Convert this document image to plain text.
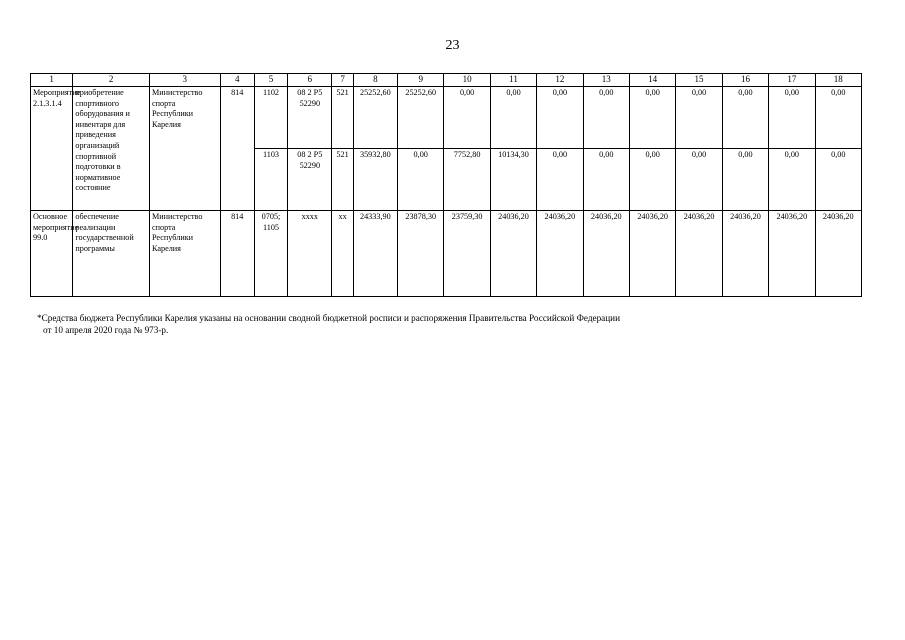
23
1	2	3	4	5	6	7	8	9	10	11	12	13	14	15	16	17	18
Мероприятие 2.1.3.1.4	приобретение спортивного оборудования и инвентаря для приведения организаций спортивной подготовки в нормативное состояние	Министерство спорта Республики Карелия	814	1102	08 2 Р5 52290	521	25252,60	25252,60	0,00	0,00	0,00	0,00	0,00	0,00	0,00	0,00	0,00
				1103	08 2 Р5 52290	521	35932,80	0,00	7752,80	10134,30	0,00	0,00	0,00	0,00	0,00	0,00	0,00
Основное мероприятие 99.0	обеспечение реализации государственной программы	Министерство спорта Республики Карелия	814	0705; 1105	хххх	хх	24333,90	23878,30	23759,30	24036,20	24036,20	24036,20	24036,20	24036,20	24036,20	24036,20	24036,20
*Средства бюджета Республики Карелия указаны на основании сводной бюджетной росписи и распоряжения Правительства Российской Федерации
от 10 апреля 2020 года № 973-р.
